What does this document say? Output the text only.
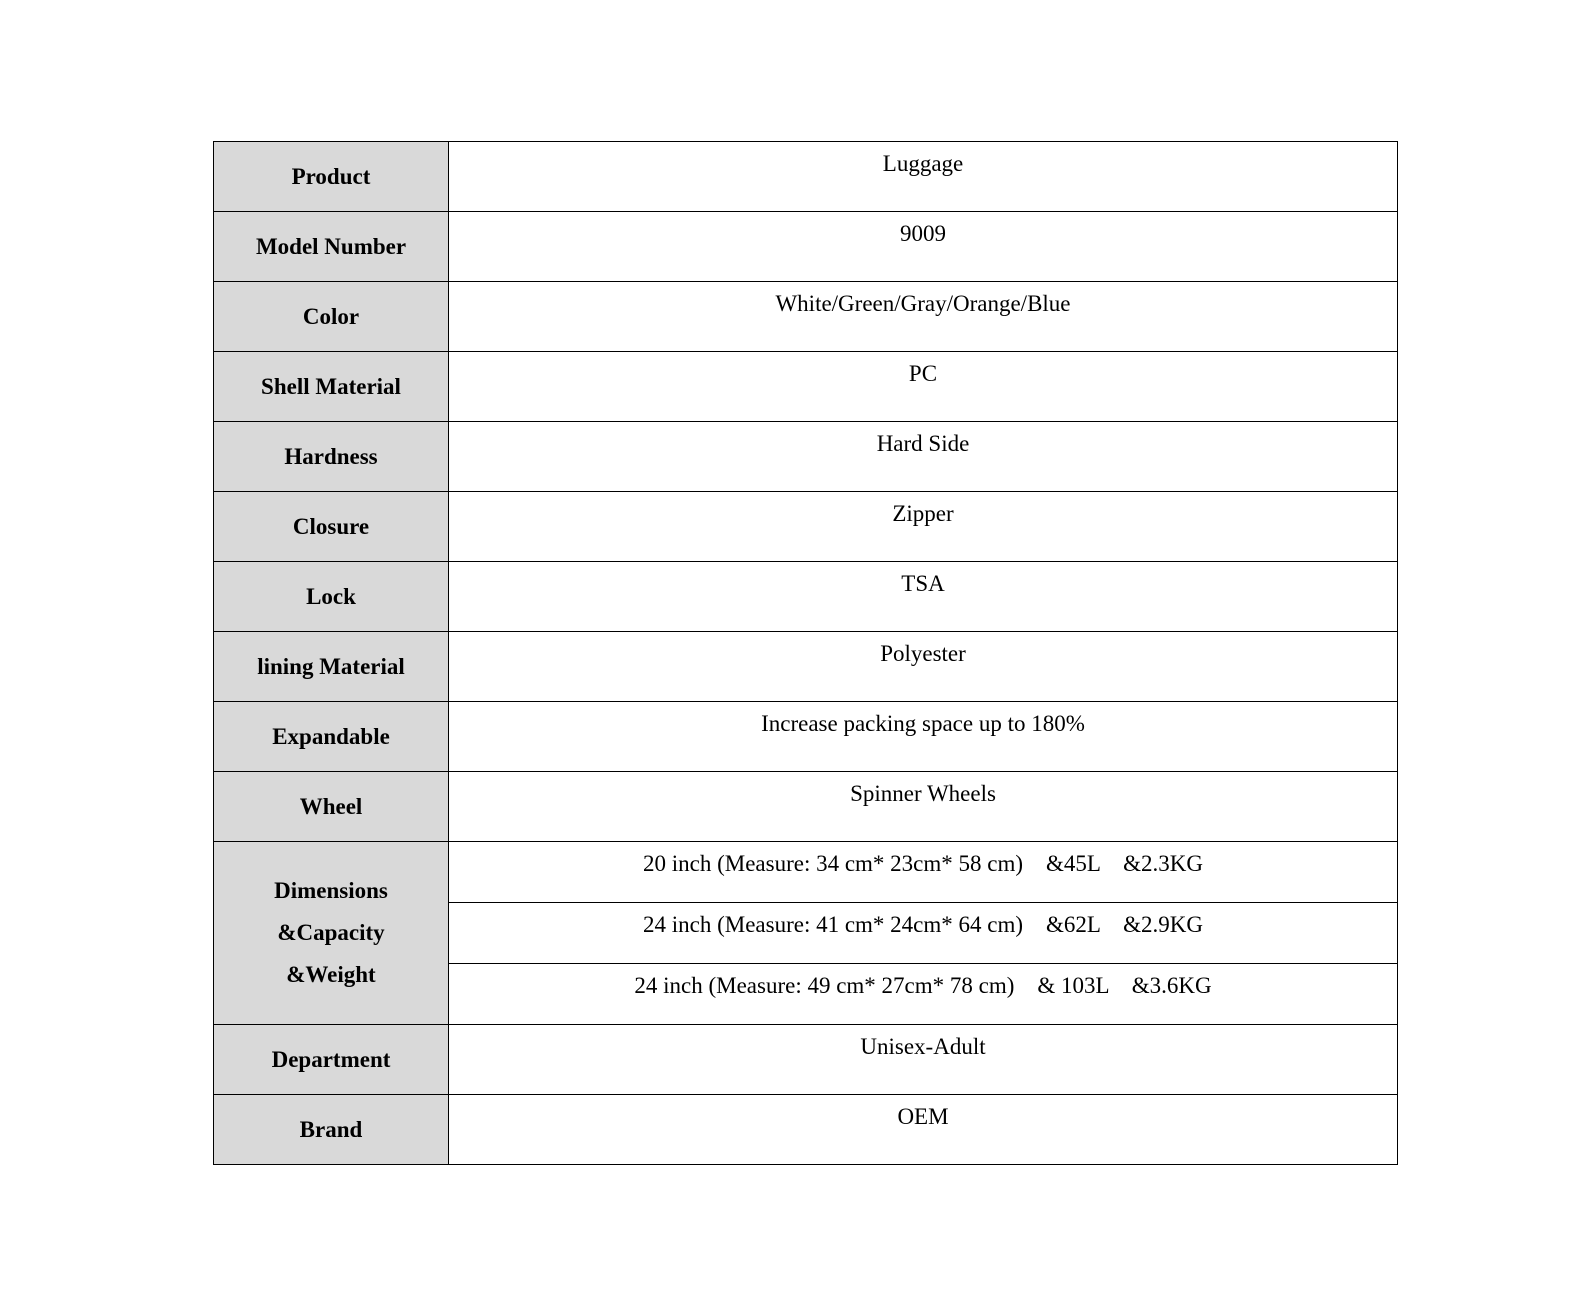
Product	Luggage
Model Number	9009
Color	White/Green/Gray/Orange/Blue
Shell Material	PC
Hardness	Hard Side
Closure	Zipper
Lock	TSA
lining Material	Polyester
Expandable	Increase packing space up to 180%
Wheel	Spinner Wheels

Dimensions
&Capacity
&Weight	20 inch (Measure: 34 cm* 23cm* 58 cm)    &45L    &2.3KG
	24 inch (Measure: 41 cm* 24cm* 64 cm)    &62L    &2.9KG
	24 inch (Measure: 49 cm* 27cm* 78 cm)    & 103L    &3.6KG
Department	Unisex-Adult
Brand	OEM
